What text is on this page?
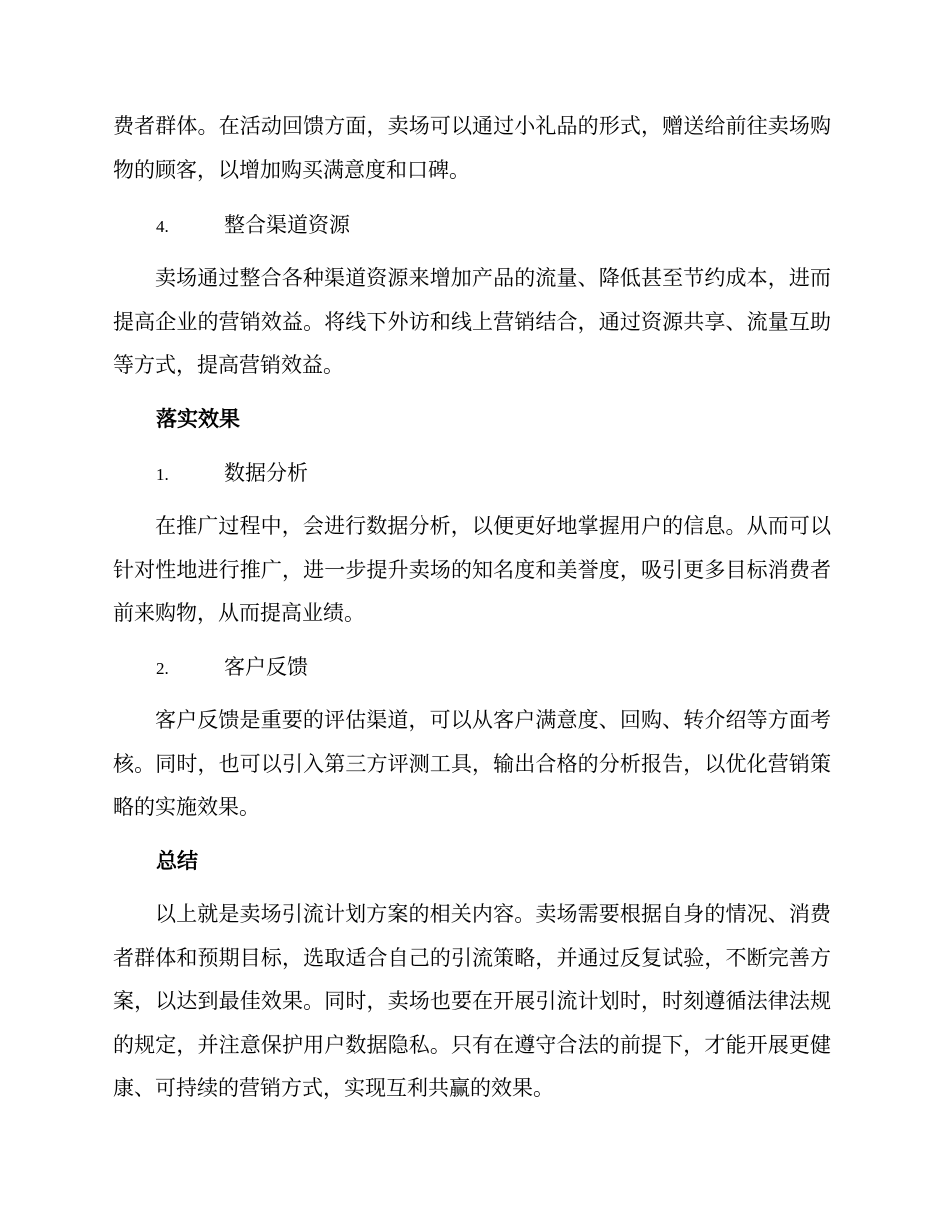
费者群体。在活动回馈方面，卖场可以通过小礼品的形式，赠送给前往卖场购物的顾客，以增加购买满意度和口碑。

4.	整合渠道资源

卖场通过整合各种渠道资源来增加产品的流量、降低甚至节约成本，进而提高企业的营销效益。将线下外访和线上营销结合，通过资源共享、流量互助等方式，提高营销效益。

落实效果
1.	数据分析

在推广过程中，会进行数据分析，以便更好地掌握用户的信息。从而可以针对性地进行推广，进一步提升卖场的知名度和美誉度，吸引更多目标消费者前来购物，从而提高业绩。

2.	客户反馈

客户反馈是重要的评估渠道，可以从客户满意度、回购、转介绍等方面考核。同时，也可以引入第三方评测工具，输出合格的分析报告，以优化营销策略的实施效果。

总结

以上就是卖场引流计划方案的相关内容。卖场需要根据自身的情况、消费者群体和预期目标，选取适合自己的引流策略，并通过反复试验，不断完善方案，以达到最佳效果。同时，卖场也要在开展引流计划时，时刻遵循法律法规的规定，并注意保护用户数据隐私。只有在遵守合法的前提下，才能开展更健康、可持续的营销方式，实现互利共赢的效果。
